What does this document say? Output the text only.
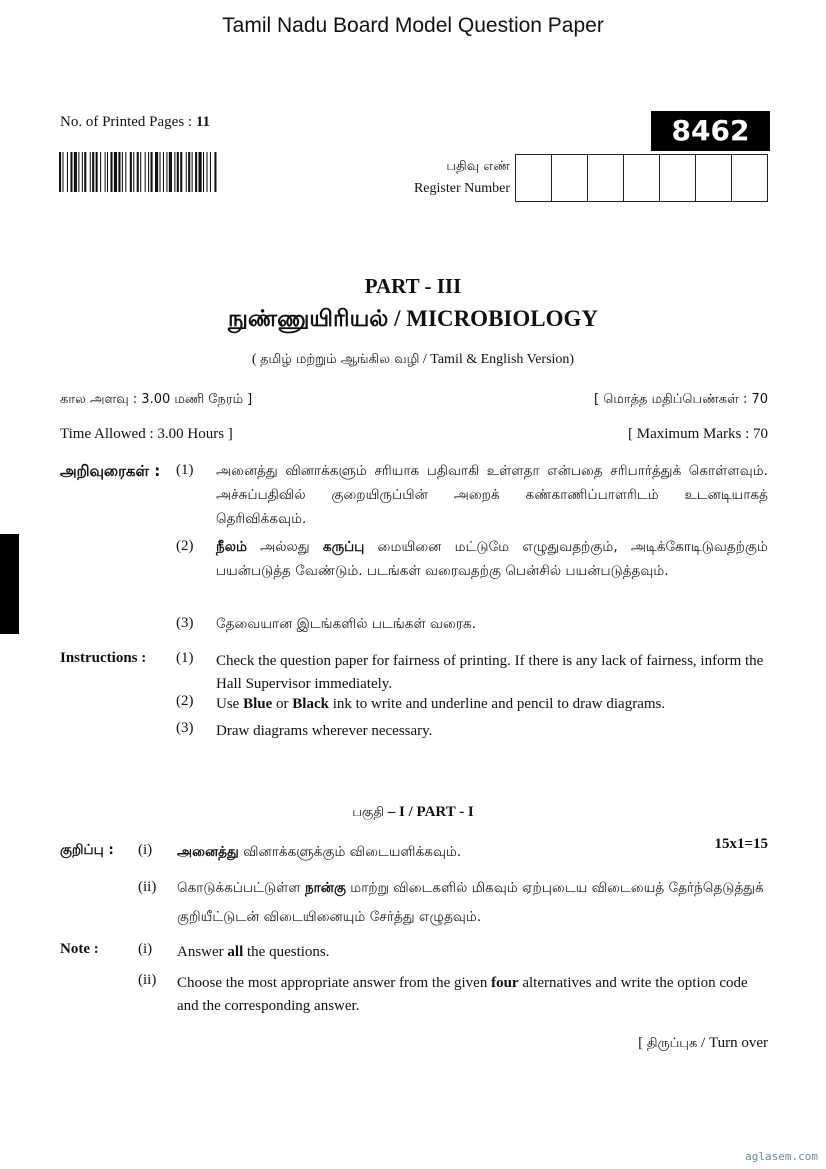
Tamil Nadu Board Model Question Paper
No. of Printed Pages : 11	8462
பதிவு எண்
Register Number
PART - III
நுண்ணுயிரியல் / MICROBIOLOGY
( தமிழ் மற்றும் ஆங்கில வழி / Tamil & English Version)
கால அளவு : 3.00 மணி நேரம் ]	[ மொத்த மதிப்பெண்கள் : 70
Time Allowed : 3.00 Hours ]	[ Maximum Marks : 70
அறிவுரைகள் : (1) அனைத்து வினாக்களும் சரியாக பதிவாகி உள்ளதா என்பதை சரிபார்த்துக் கொள்ளவும். அச்சுப்பதிவில் குறையிருப்பின் அறைக் கண்காணிப்பாளரிடம் உடனடியாகத் தெரிவிக்கவும்.
(2) நீலம் அல்லது கருப்பு மையினை மட்டுமே எழுதுவதற்கும், அடிக்கோடிடுவதற்கும் பயன்படுத்த வேண்டும். படங்கள் வரைவதற்கு பென்சில் பயன்படுத்தவும்.
(3) தேவையான இடங்களில் படங்கள் வரைக.
Instructions : (1) Check the question paper for fairness of printing. If there is any lack of fairness, inform the Hall Supervisor immediately.
(2) Use Blue or Black ink to write and underline and pencil to draw diagrams.
(3) Draw diagrams wherever necessary.
பகுதி – I / PART - I
15x1=15
குறிப்பு : (i) அனைத்து வினாக்களுக்கும் விடையளிக்கவும்.
(ii) கொடுக்கப்பட்டுள்ள நான்கு மாற்று விடைகளில் மிகவும் ஏற்புடைய விடையைத் தேர்ந்தெடுத்துக் குறியீட்டுடன் விடையினையும் சேர்த்து எழுதவும்.
Note :	(i) Answer all the questions.
(ii) Choose the most appropriate answer from the given four alternatives and write the option code and the corresponding answer.
[ திருப்புக / Turn over
aglasem.com
